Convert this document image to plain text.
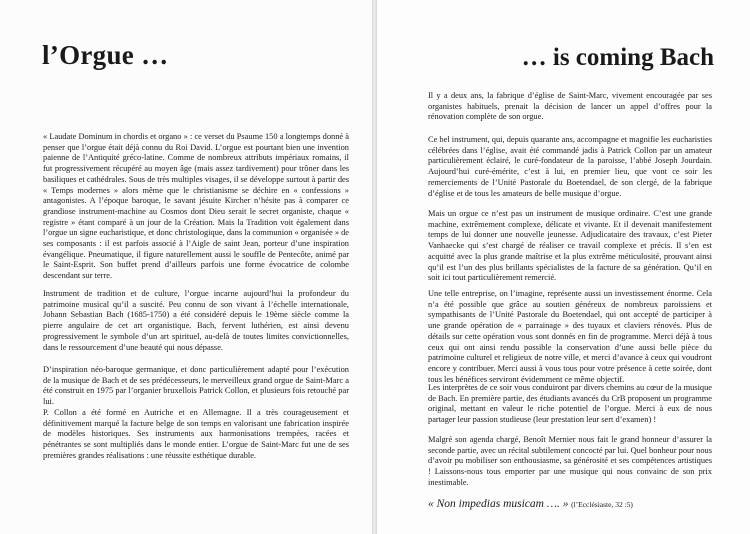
l’Orgue …

« Laudate Dominum in chordis et organo » : ce verset du Psaume 150 a longtemps donné à penser que l’orgue était déjà connu du Roi David. L’orgue est pourtant bien une invention paienne de l’Antiquité gréco-latine. Comme de nombreux attributs impériaux romains, il fut progressivement récupéré au moyen âge (mais assez tardivement) pour trôner dans les basiliques et cathédrales. Sous de très multiples visages, il se développe surtout à partir des « Temps modernes » alors même que le christianisme se déchire en « confessions » antagonistes. A l’époque baroque, le savant jésuite Kircher n’hésite pas à comparer ce grandiose instrument-machine au Cosmos dont Dieu serait le secret organiste, chaque « registre » étant comparé à un jour de la Création. Mais la Tradition voit également dans l’orgue un signe eucharistique, et donc christologique, dans la communion « organisée » de ses composants : il est parfois associé à l’Aigle de saint Jean, porteur d’une inspiration évangélique. Pneumatique, il figure naturellement aussi le souffle de Pentecôte, animé par le Saint-Esprit. Son buffet prend d’ailleurs parfois une forme évocatrice de colombe descendant sur terre.

Instrument de tradition et de culture, l’orgue incarne aujourd’hui la profondeur du patrimoine musical qu’il a suscité. Peu connu de son vivant à l’échelle internationale, Johann Sebastian Bach (1685-1750) a été considéré depuis le 19ème siècle comme la pierre angulaire de cet art organistique. Bach, fervent luthérien, est ainsi devenu progressivement le symbole d’un art spirituel, au-delà de toutes limites convictionnelles, dans le ressourcement d’une beauté qui nous dépasse.

D’inspiration néo-baroque germanique, et donc particulièrement adapté pour l’exécution de la musique de Bach et de ses prédécesseurs, le merveilleux grand orgue de Saint-Marc a été construit en 1975 par l’organier bruxellois Patrick Collon, et plusieurs fois retouché par lui.

P. Collon a été formé en Autriche et en Allemagne. Il a très courageusement et définitivement marqué la facture belge de son temps en valorisant une fabrication inspirée de modèles historiques. Ses instruments aux harmonisations trempées, racées et pénétrantes se sont multipliés dans le monde entier. L’orgue de Saint-Marc fut une de ses premières grandes réalisations : une réussite esthétique durable.

… is coming Bach

Il y a deux ans, la fabrique d’église de Saint-Marc, vivement encouragée par ses organistes habituels, prenait la décision de lancer un appel d’offres pour la rénovation complète de son orgue.

Ce bel instrument, qui, depuis quarante ans, accompagne et magnifie les eucharisties célébrées dans l’église, avait été commandé jadis à Patrick Collon par un amateur particulièrement éclairé, le curé-fondateur de la paroisse, l’abbé Joseph Jourdain. Aujourd’hui curé-émérite, c’est à lui, en premier lieu, que vont ce soir les remerciements de l’Unité Pastorale du Boetendael, de son clergé, de la fabrique d’église et de tous les amateurs de belle musique d’orgue.

Mais un orgue ce n’est pas un instrument de musique ordinaire. C’est une grande machine, extrêmement complexe, délicate et vivante. Et il devenait manifestement temps de lui donner une nouvelle jeunesse. Adjudicataire des travaux, c’est Pieter Vanhaecke qui s’est chargé de réaliser ce travail complexe et précis. Il s’en est acquitté avec la plus grande maîtrise et la plus extrême méticulosité, prouvant ainsi qu’il est l’un des plus brillants spécialistes de la facture de sa génération. Qu’il en soit ici tout particulièrement remercié.

Une telle entreprise, on l’imagine, représente aussi un investissement énorme. Cela n’a été possible que grâce au soutien généreux de nombreux paroissiens et sympathisants de l’Unité Pastorale du Boetendael, qui ont accepté de participer à une grande opération de « parrainage » des tuyaux et claviers rénovés. Plus de détails sur cette opération vous sont donnés en fin de programme. Merci déjà à tous ceux qui ont ainsi rendu possible la conservation d’une aussi belle pièce du patrimoine culturel et religieux de notre ville, et merci d’avance à ceux qui voudront encore y contribuer. Merci aussi à vous tous pour votre présence à cette soirée, dont tous les bénéfices serviront évidemment ce même objectif.

Les interprètes de ce soir vous conduiront par divers chemins au cœur de la musique de Bach. En première partie, des étudiants avancés du CrB proposent un programme original, mettant en valeur le riche potentiel de l’orgue. Merci à eux de nous partager leur passion studieuse (leur prestation leur sert d’examen) !

Malgré son agenda chargé, Benoît Mernier nous fait le grand honneur d’assurer la seconde partie, avec un récital subtilement concocté par lui. Quel bonheur pour nous d’avoir pu mobiliser son enthousiasme, sa générosité et ses compétences artistiques ! Laissons-nous tous emporter par une musique qui nous convainc de son prix inestimable.

« Non impedias musicam …. » (l’Ecclésiaste, 32 :5)
